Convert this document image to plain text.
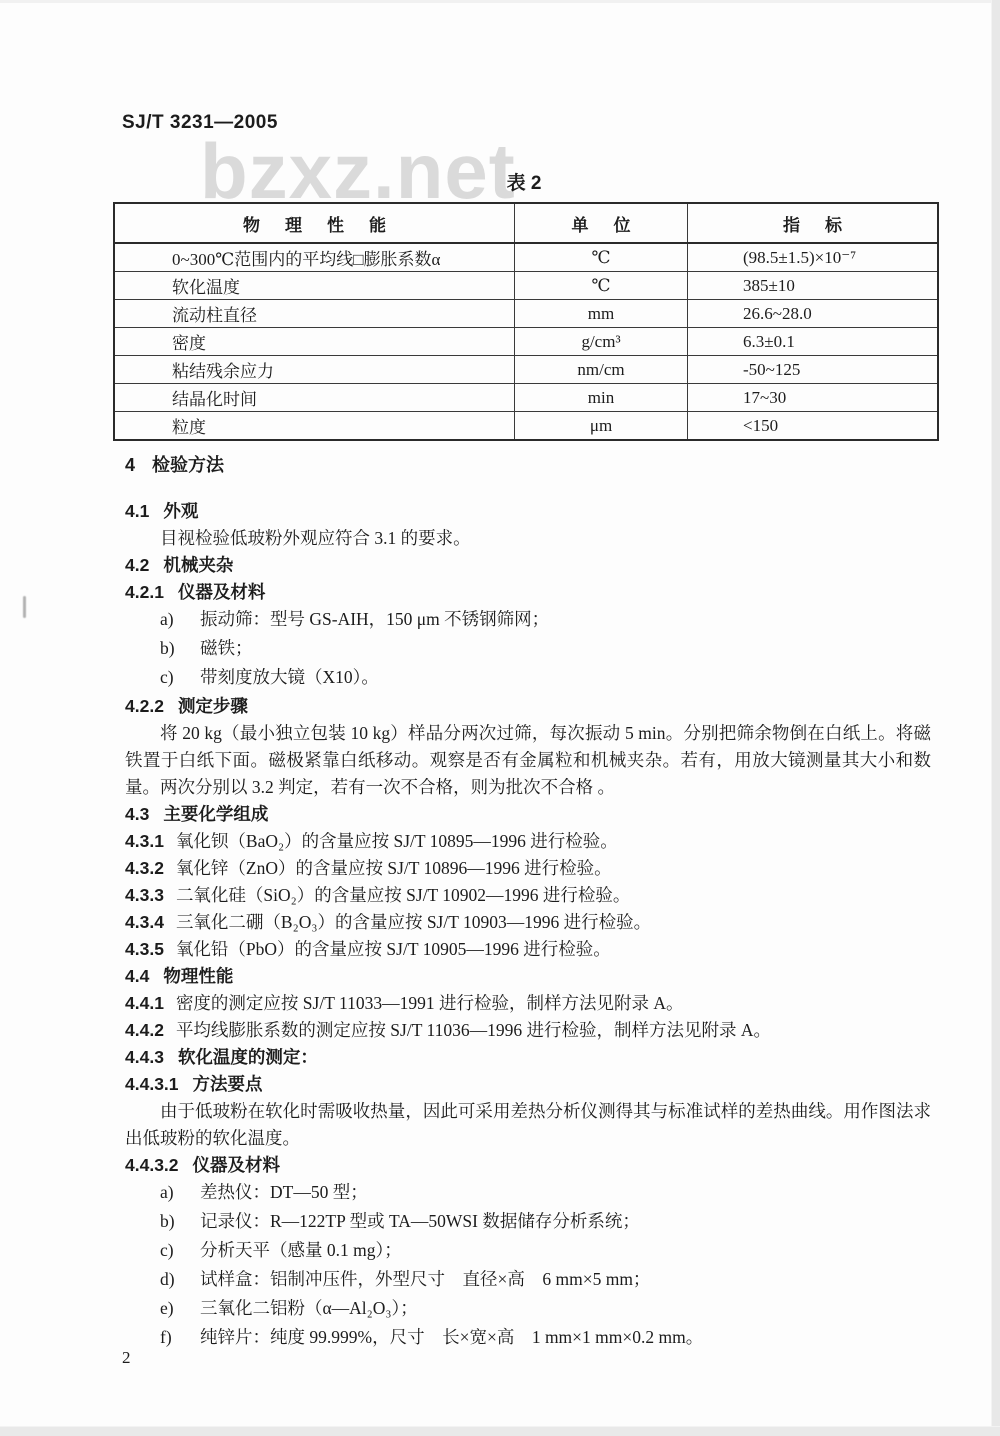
bzxz.net
SJ/T 3231—2005
表 2
物　理　性　能	单　位	指　标
0~300℃范围内的平均线□膨胀系数α	℃	(98.5±1.5)×10⁻⁷
软化温度	℃	385±10
流动柱直径	mm	26.6~28.0
密度	g/cm³	6.3±0.1
粘结残余应力	nm/cm	-50~125
结晶化时间	min	17~30
粒度	μm	<150
4 检验方法
4.1 外观
目视检验低玻粉外观应符合 3.1 的要求。
4.2 机械夹杂
4.2.1 仪器及材料
a) 振动筛：型号 GS-AIH，150 μm 不锈钢筛网；
b) 磁铁；
c) 带刻度放大镜（X10）。
4.2.2 测定步骤
将 20 kg（最小独立包装 10 kg）样品分两次过筛，每次振动 5 min。分别把筛余物倒在白纸上。将磁铁置于白纸下面。磁极紧靠白纸移动。观察是否有金属粒和机械夹杂。若有，用放大镜测量其大小和数量。两次分别以 3.2 判定，若有一次不合格，则为批次不合格 。
4.3 主要化学组成
4.3.1 氧化钡（BaO₂）的含量应按 SJ/T 10895—1996 进行检验。
4.3.2 氧化锌（ZnO）的含量应按 SJ/T 10896—1996 进行检验。
4.3.3 二氧化硅（SiO₂）的含量应按 SJ/T 10902—1996 进行检验。
4.3.4 三氧化二硼（B₂O₃）的含量应按 SJ/T 10903—1996 进行检验。
4.3.5 氧化铅（PbO）的含量应按 SJ/T 10905—1996 进行检验。
4.4 物理性能
4.4.1 密度的测定应按 SJ/T 11033—1991 进行检验，制样方法见附录 A。
4.4.2 平均线膨胀系数的测定应按 SJ/T 11036—1996 进行检验，制样方法见附录 A。
4.4.3 软化温度的测定：
4.4.3.1 方法要点
由于低玻粉在软化时需吸收热量，因此可采用差热分析仪测得其与标准试样的差热曲线。用作图法求出低玻粉的软化温度。
4.4.3.2 仪器及材料
a) 差热仪：DT—50 型；
b) 记录仪：R—122TP 型或 TA—50WSI 数据储存分析系统；
c) 分析天平（感量 0.1 mg）；
d) 试样盒：铝制冲压件，外型尺寸　直径×高　6 mm×5 mm；
e) 三氧化二铝粉（α—Al₂O₃）；
f) 纯锌片：纯度 99.999%，尺寸　长×宽×高　1 mm×1 mm×0.2 mm。
2
